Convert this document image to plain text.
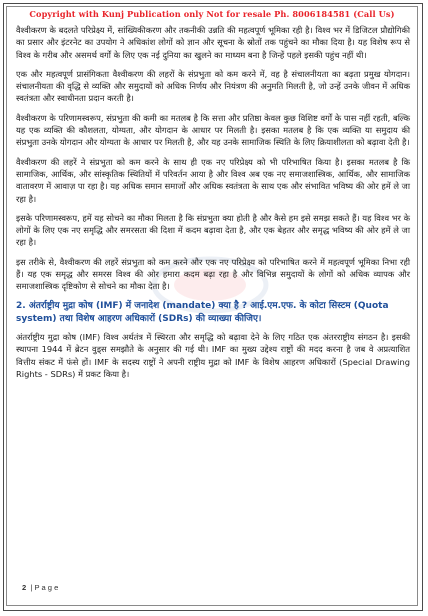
Copyright with Kunj Publication only Not for resale Ph. 8006184581 (Call Us)

वैश्वीकरण के बदलते परिप्रेक्ष्य में, सांख्यिकीकरण और तकनीकी उन्नति की महत्वपूर्ण भूमिका रही है। विश्व भर में डिजिटल प्रौद्योगिकी का प्रसार और इंटरनेट का उपयोग ने अधिकांश लोगों को ज्ञान और सूचना के स्रोतों तक पहुंचने का मौका दिया है। यह विशेष रूप से विश्व के गरीब और असमर्थ वर्गों के लिए एक नई दुनिया का खुलने का माध्यम बना है जिन्हें पहले इसकी पहुंच नहीं थी।

एक और महत्वपूर्ण प्रासंगिकता वैश्वीकरण की लहरों के संप्रभुता को कम करने में, वह है संचालनीयता का बढ़ता प्रमुख योगदान। संचालनीयता की वृद्धि से व्यक्ति और समुदायों को अधिक निर्णय और नियंत्रण की अनुमति मिलती है, जो उन्हें उनके जीवन में अधिक स्वतंत्रता और स्वाधीनता प्रदान करती है।

वैश्वीकरण के परिणामस्वरूप, संप्रभुता की कमी का मतलब है कि सत्ता और प्रतिष्ठा केवल कुछ विशिष्ट वर्गों के पास नहीं रहती, बल्कि यह एक व्यक्ति की कौशलता, योग्यता, और योगदान के आधार पर मिलती है। इसका मतलब है कि एक व्यक्ति या समुदाय की संप्रभुता उनके योगदान और योग्यता के आधार पर मिलती है, और यह उनके सामाजिक स्थिति के लिए क्रियाशीलता को बढ़ावा देती है।

वैश्वीकरण की लहरें ने संप्रभुता को कम करने के साथ ही एक नए परिप्रेक्ष्य को भी परिभाषित किया है। इसका मतलब है कि सामाजिक, आर्थिक, और सांस्कृतिक स्थितियों में परिवर्तन आया है और विश्व अब एक नए समाजशास्त्रिक, आर्थिक, और सामाजिक वातावरण में आवाज़ पा रहा है। यह अधिक समान समाजों और अधिक स्वतंत्रता के साथ एक और संभावित भविष्य की ओर हमें ले जा रहा है।

इसके परिणामस्वरूप, हमें यह सोचने का मौका मिलता है कि संप्रभुता क्या होती है और कैसे हम इसे समझ सकते हैं। यह विश्व भर के लोगों के लिए एक नए समृद्धि और समरसता की दिशा में कदम बढ़ावा देता है, और एक बेहतर और समृद्ध भविष्य की ओर हमें ले जा रहा है।

इस तरीके से, वैश्वीकरण की लहरें संप्रभुता को कम करने और एक नए परिप्रेक्ष्य को परिभाषित करने में महत्वपूर्ण भूमिका निभा रही हैं। यह एक समृद्ध और समरस विश्व की ओर हमारा कदम बढ़ा रहा है और विभिन्न समुदायों के लोगों को अधिक व्यापक और समाजशास्त्रिक दृष्टिकोण से सोचने का मौका देता है।

2. अंतर्राष्ट्रीय मुद्रा कोष (IMF) में जनादेश (mandate) क्या है ? आई.एम.एफ. के कोटा सिस्टम (Quota system) तथा विशेष आहरण अधिकारों (SDRs) की व्याख्या कीजिए।

अंतर्राष्ट्रीय मुद्रा कोष (IMF) विश्व अर्थतंत्र में स्थिरता और समृद्धि को बढ़ावा देने के लिए गठित एक अंतरराष्ट्रीय संगठन है। इसकी स्थापना 1944 में ब्रेटन वुड्स समझौते के अनुसार की गई थी। IMF का मुख्य उद्देश्य राष्ट्रों की मदद करना है जब वे अप्रत्याशित वित्तीय संकट में फंसे हों। IMF के सदस्य राष्ट्रों ने अपनी राष्ट्रीय मुद्रा को IMF के विशेष आहरण अधिकारों (Special Drawing Rights - SDRs) में प्रकट किया है।

2 | P a g e
